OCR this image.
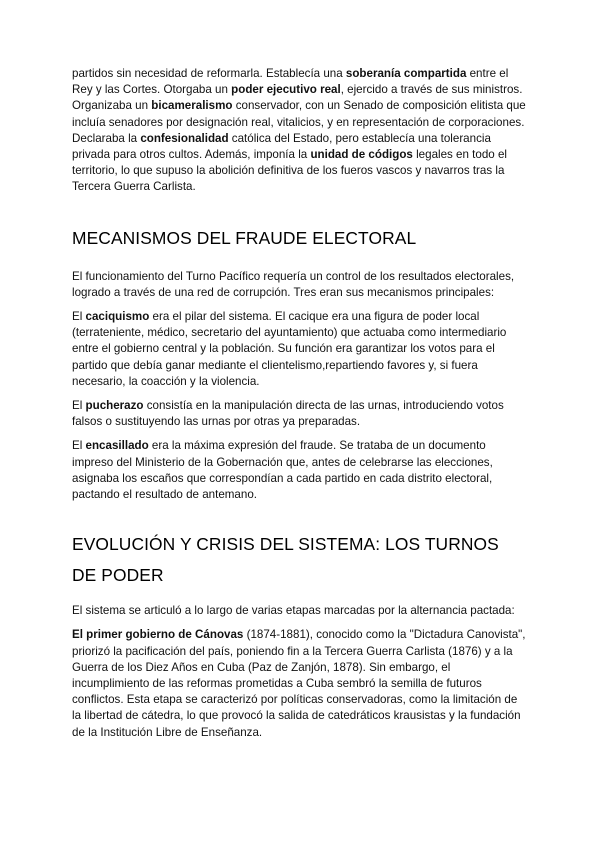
partidos sin necesidad de reformarla. Establecía una soberanía compartida entre el Rey y las Cortes. Otorgaba un poder ejecutivo real, ejercido a través de sus ministros. Organizaba un bicameralismo conservador, con un Senado de composición elitista que incluía senadores por designación real, vitalicios, y en representación de corporaciones. Declaraba la confesionalidad católica del Estado, pero establecía una tolerancia privada para otros cultos. Además, imponía la unidad de códigos legales en todo el territorio, lo que supuso la abolición definitiva de los fueros vascos y navarros tras la Tercera Guerra Carlista.

MECANISMOS DEL FRAUDE ELECTORAL

El funcionamiento del Turno Pacífico requería un control de los resultados electorales, logrado a través de una red de corrupción. Tres eran sus mecanismos principales:

El caciquismo era el pilar del sistema. El cacique era una figura de poder local (terrateniente, médico, secretario del ayuntamiento) que actuaba como intermediario entre el gobierno central y la población. Su función era garantizar los votos para el partido que debía ganar mediante el clientelismo,repartiendo favores y, si fuera necesario, la coacción y la violencia.

El pucherazo consistía en la manipulación directa de las urnas, introduciendo votos falsos o sustituyendo las urnas por otras ya preparadas.

El encasillado era la máxima expresión del fraude. Se trataba de un documento impreso del Ministerio de la Gobernación que, antes de celebrarse las elecciones, asignaba los escaños que correspondían a cada partido en cada distrito electoral, pactando el resultado de antemano.

EVOLUCIÓN Y CRISIS DEL SISTEMA: LOS TURNOS DE PODER

El sistema se articuló a lo largo de varias etapas marcadas por la alternancia pactada:

El primer gobierno de Cánovas (1874-1881), conocido como la "Dictadura Canovista", priorizó la pacificación del país, poniendo fin a la Tercera Guerra Carlista (1876) y a la Guerra de los Diez Años en Cuba (Paz de Zanjón, 1878). Sin embargo, el incumplimiento de las reformas prometidas a Cuba sembró la semilla de futuros conflictos. Esta etapa se caracterizó por políticas conservadoras, como la limitación de la libertad de cátedra, lo que provocó la salida de catedráticos krausistas y la fundación de la Institución Libre de Enseñanza.
